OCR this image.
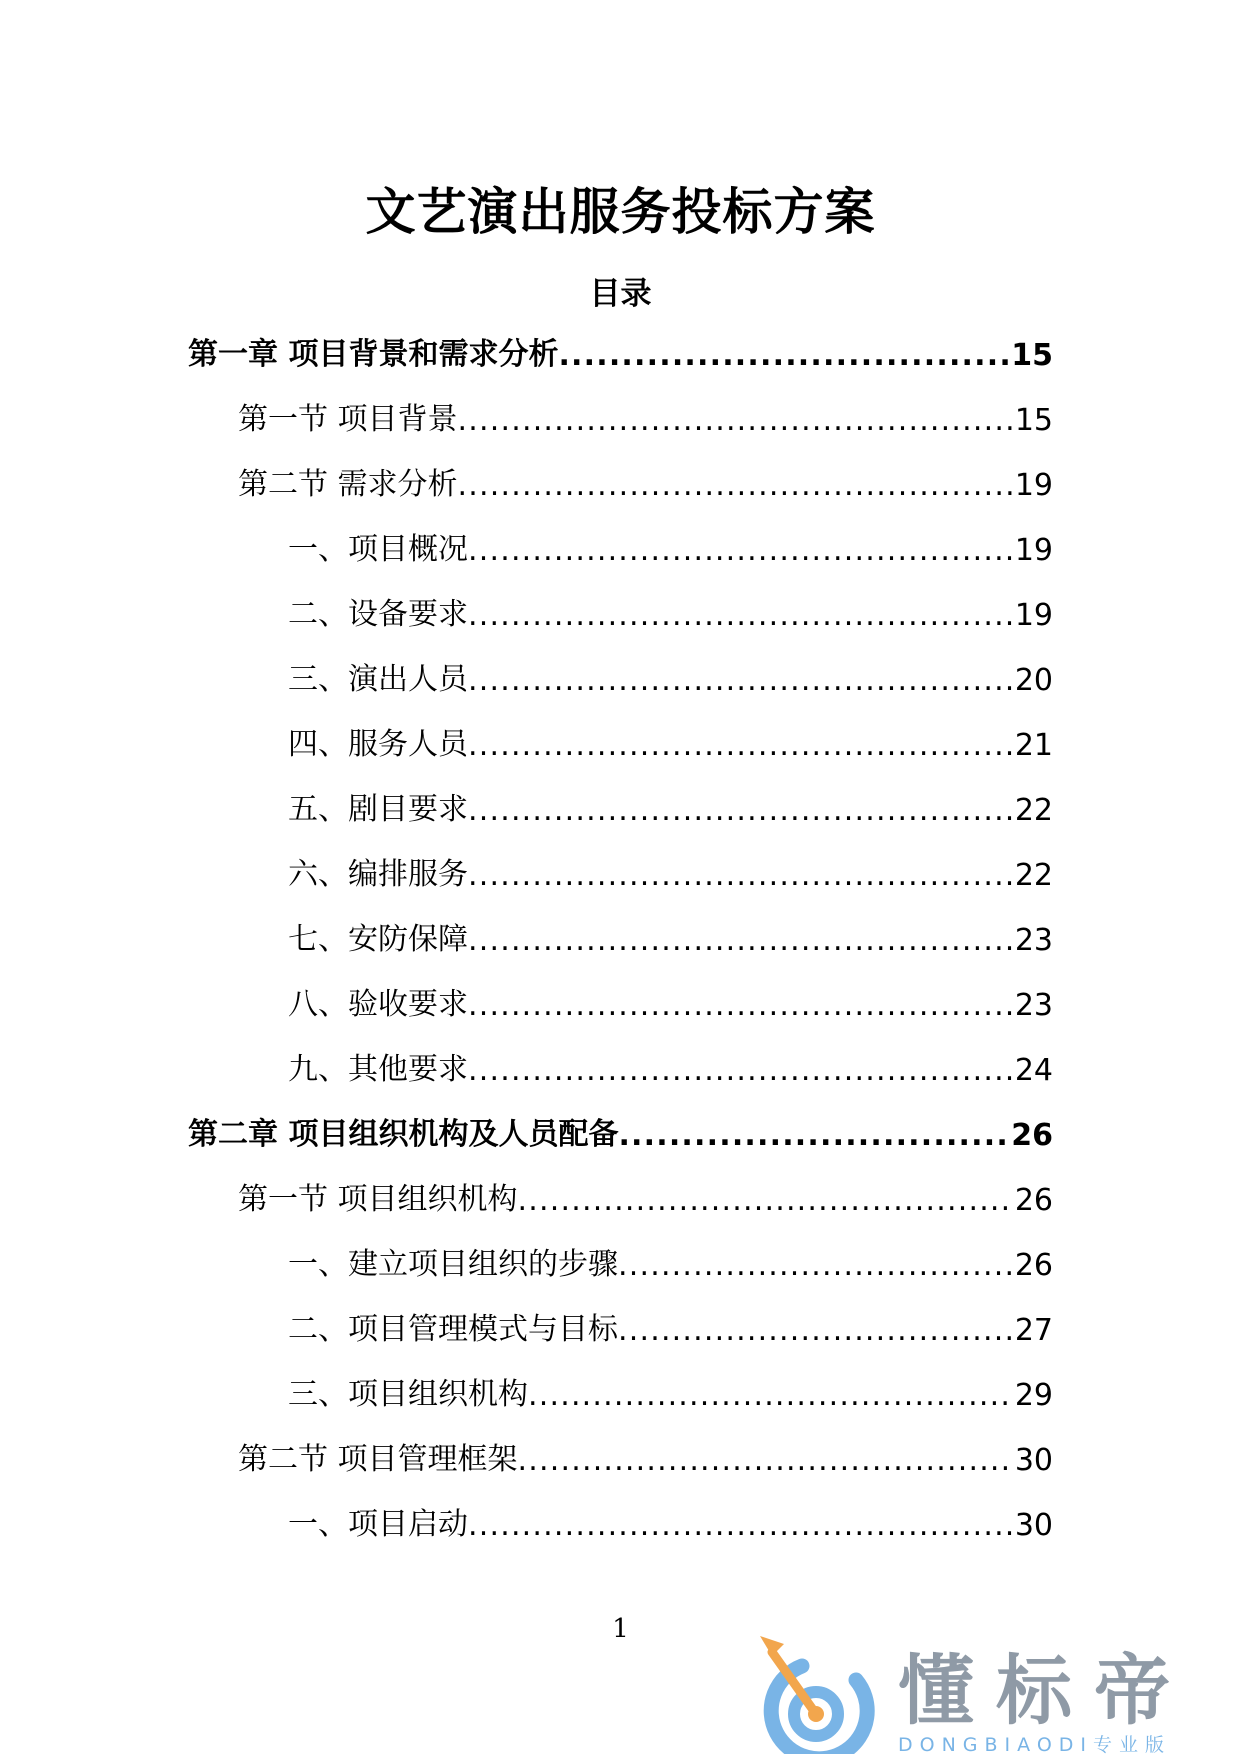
文艺演出服务投标方案
目录
第一章 项目背景和需求分析 .....	15
第一节 项目背景 .....	15
第二节 需求分析 .....	19
一、项目概况 .....	19
二、设备要求 .....	19
三、演出人员 .....	20
四、服务人员 .....	21
五、剧目要求 .....	22
六、编排服务 .....	22
七、安防保障 .....	23
八、验收要求 .....	23
九、其他要求 .....	24
第二章 项目组织机构及人员配备 .....	26
第一节 项目组织机构 .....	26
一、建立项目组织的步骤 .....	26
二、项目管理模式与目标 .....	27
三、项目组织机构 .....	29
第二节 项目管理框架 .....	30
一、项目启动 .....	30
1
懂标帝
DONGBIAODI专业版
